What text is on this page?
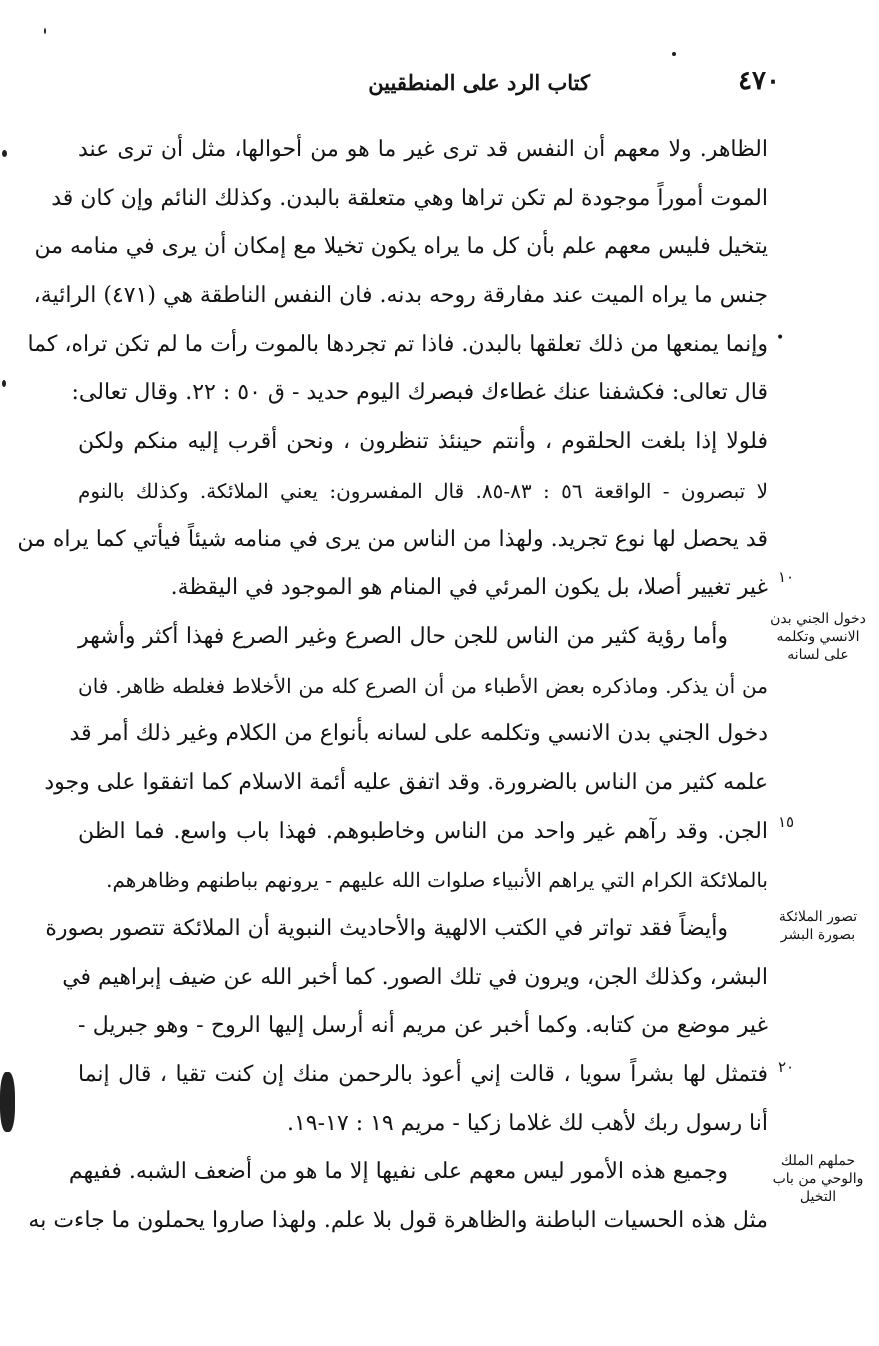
٤٧٠
كتاب الرد على المنطقيين
الظاهر. ولا معهم أن النفس قد ترى غير ما هو من أحوالها، مثل أن ترى عند
الموت أموراً موجودة لم تكن تراها وهي متعلقة بالبدن. وكذلك النائم وإن كان قد
يتخيل فليس معهم علم بأن كل ما يراه يكون تخيلا مع إمكان أن يرى في منامه من
جنس ما يراه الميت عند مفارقة روحه بدنه. فان النفس الناطقة هي (٤٧١) الرائية،
وإنما يمنعها من ذلك تعلقها بالبدن. فاذا تم تجردها بالموت رأت ما لم تكن تراه، كما
قال تعالى: فكشفنا عنك غطاءك فبصرك اليوم حديد - ق ٥٠ : ٢٢. وقال تعالى:
فلولا إذا بلغت الحلقوم ، وأنتم حينئذ تنظرون ، ونحن أقرب إليه منكم ولكن
لا تبصرون - الواقعة ٥٦ : ٨٣-٨٥. قال المفسرون: يعني الملائكة. وكذلك بالنوم
قد يحصل لها نوع تجريد. ولهذا من الناس من يرى في منامه شيئاً فيأتي كما يراه من
غير تغيير أصلا، بل يكون المرئي في المنام هو الموجود في اليقظة.
وأما رؤية كثير من الناس للجن حال الصرع وغير الصرع فهذا أكثر وأشهر
من أن يذكر. وماذكره بعض الأطباء من أن الصرع كله من الأخلاط فغلطه ظاهر. فان
دخول الجني بدن الانسي وتكلمه على لسانه بأنواع من الكلام وغير ذلك أمر قد
علمه كثير من الناس بالضرورة. وقد اتفق عليه أئمة الاسلام كما اتفقوا على وجود
الجن. وقد رآهم غير واحد من الناس وخاطبوهم. فهذا باب واسع. فما الظن
بالملائكة الكرام التي يراهم الأنبياء صلوات الله عليهم - يرونهم بباطنهم وظاهرهم.
وأيضاً فقد تواتر في الكتب الالهية والأحاديث النبوية أن الملائكة تتصور بصورة
البشر، وكذلك الجن، ويرون في تلك الصور. كما أخبر الله عن ضيف إبراهيم في
غير موضع من كتابه. وكما أخبر عن مريم أنه أرسل إليها الروح - وهو جبريل -
فتمثل لها بشراً سويا ، قالت إني أعوذ بالرحمن منك إن كنت تقيا ، قال إنما
أنا رسول ربك لأهب لك غلاما زكيا - مريم ١٩ : ١٧-١٩.
وجميع هذه الأمور ليس معهم على نفيها إلا ما هو من أضعف الشبه. ففيهم
مثل هذه الحسيات الباطنة والظاهرة قول بلا علم. ولهذا صاروا يحملون ما جاءت به
دخول الجني بدن الانسي وتكلمه على لسانه
تصور الملائكة بصورة البشر
حملهم الملك والوحي من باب التخيل
١٠
١٥
٢٠
•
